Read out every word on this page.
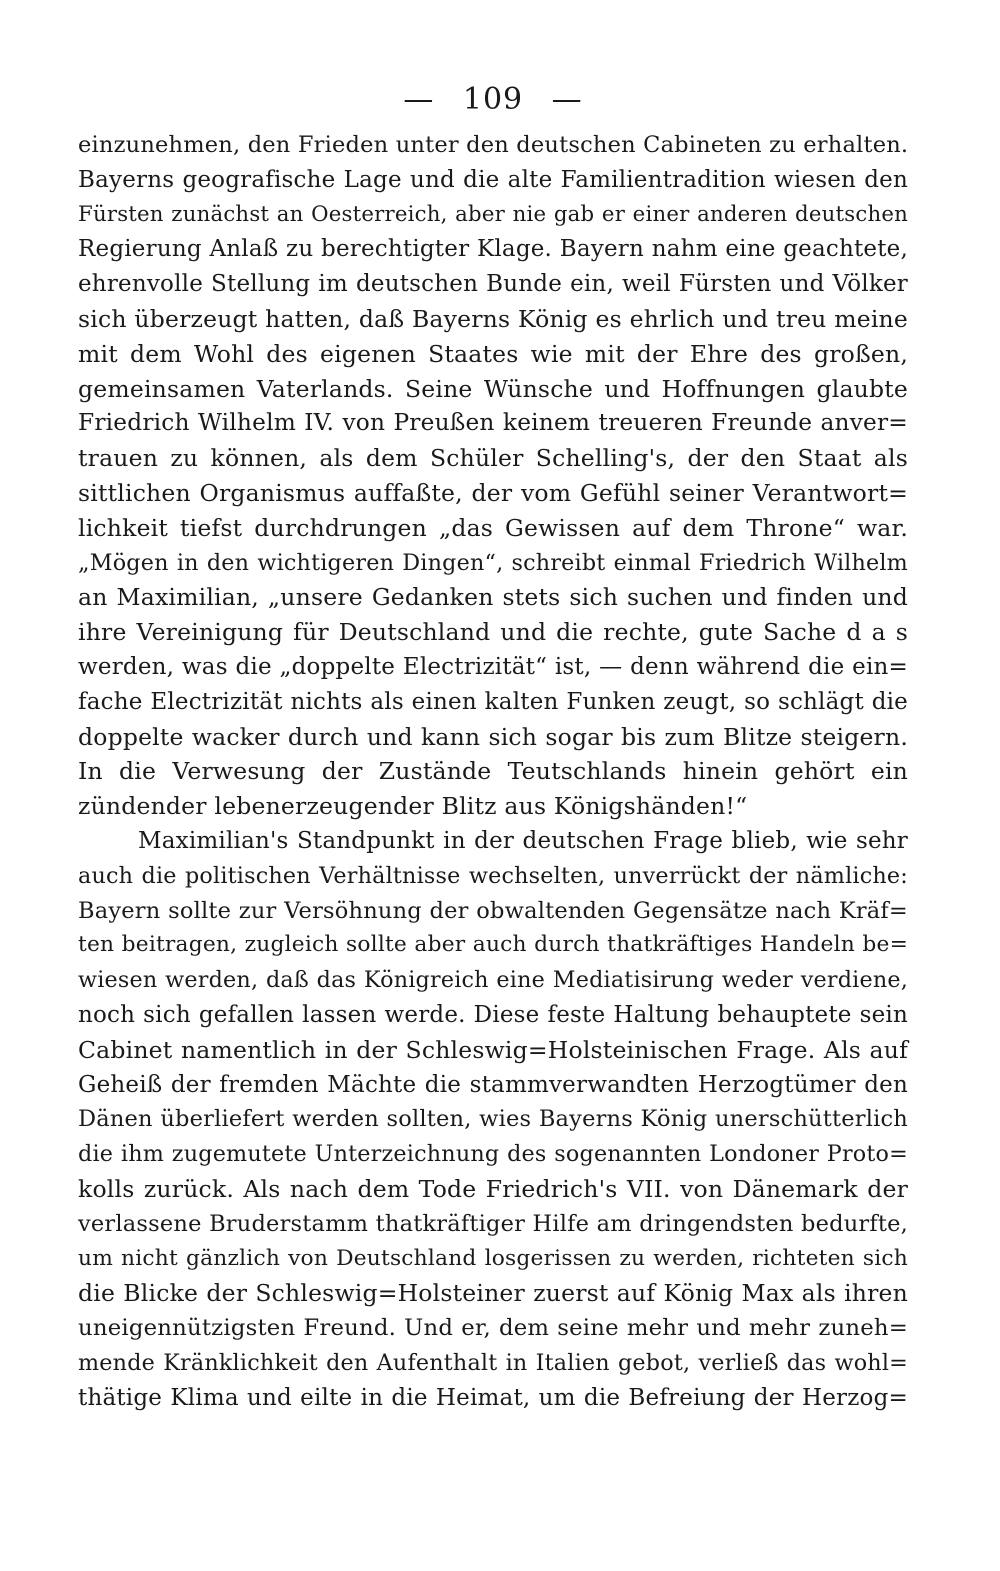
— 109 —
einzunehmen, den Frieden unter den deutschen Cabineten zu erhalten.
Bayerns geografische Lage und die alte Familientradition wiesen den
Fürsten zunächst an Oesterreich, aber nie gab er einer anderen deutschen
Regierung Anlaß zu berechtigter Klage. Bayern nahm eine geachtete,
ehrenvolle Stellung im deutschen Bunde ein, weil Fürsten und Völker
sich überzeugt hatten, daß Bayerns König es ehrlich und treu meine
mit dem Wohl des eigenen Staates wie mit der Ehre des großen,
gemeinsamen Vaterlands. Seine Wünsche und Hoffnungen glaubte
Friedrich Wilhelm IV. von Preußen keinem treueren Freunde anver=
trauen zu können, als dem Schüler Schelling's, der den Staat als
sittlichen Organismus auffaßte, der vom Gefühl seiner Verantwort=
lichkeit tiefst durchdrungen „das Gewissen auf dem Throne“ war.
„Mögen in den wichtigeren Dingen“, schreibt einmal Friedrich Wilhelm
an Maximilian, „unsere Gedanken stets sich suchen und finden und
ihre Vereinigung für Deutschland und die rechte, gute Sache d a s
werden, was die „doppelte Electrizität“ ist, — denn während die ein=
fache Electrizität nichts als einen kalten Funken zeugt, so schlägt die
doppelte wacker durch und kann sich sogar bis zum Blitze steigern.
In die Verwesung der Zustände Teutschlands hinein gehört ein
zündender lebenerzeugender Blitz aus Königshänden!“
Maximilian's Standpunkt in der deutschen Frage blieb, wie sehr
auch die politischen Verhältnisse wechselten, unverrückt der nämliche:
Bayern sollte zur Versöhnung der obwaltenden Gegensätze nach Kräf=
ten beitragen, zugleich sollte aber auch durch thatkräftiges Handeln be=
wiesen werden, daß das Königreich eine Mediatisirung weder verdiene,
noch sich gefallen lassen werde. Diese feste Haltung behauptete sein
Cabinet namentlich in der Schleswig=Holsteinischen Frage. Als auf
Geheiß der fremden Mächte die stammverwandten Herzogtümer den
Dänen überliefert werden sollten, wies Bayerns König unerschütterlich
die ihm zugemutete Unterzeichnung des sogenannten Londoner Proto=
kolls zurück. Als nach dem Tode Friedrich's VII. von Dänemark der
verlassene Bruderstamm thatkräftiger Hilfe am dringendsten bedurfte,
um nicht gänzlich von Deutschland losgerissen zu werden, richteten sich
die Blicke der Schleswig=Holsteiner zuerst auf König Max als ihren
uneigennützigsten Freund. Und er, dem seine mehr und mehr zuneh=
mende Kränklichkeit den Aufenthalt in Italien gebot, verließ das wohl=
thätige Klima und eilte in die Heimat, um die Befreiung der Herzog=
